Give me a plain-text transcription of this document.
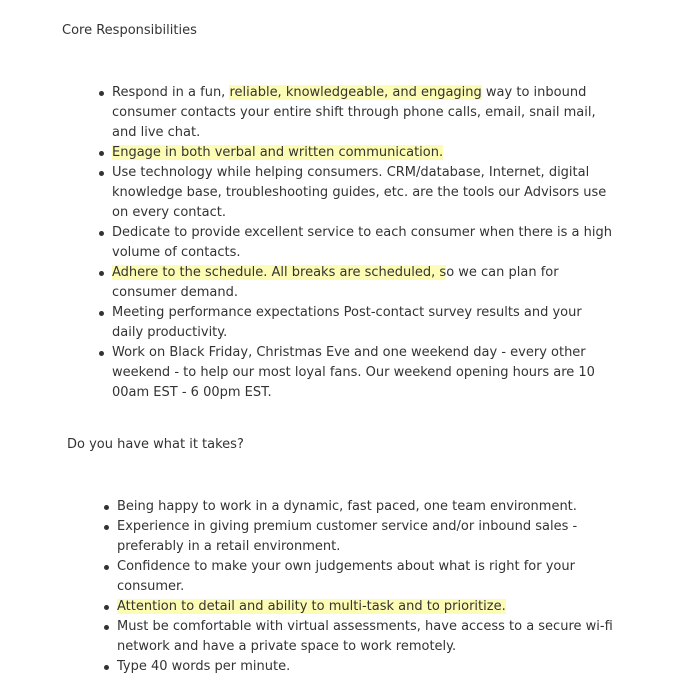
Core Responsibilities
Respond in a fun, reliable, knowledgeable, and engaging way to inbound consumer contacts your entire shift through phone calls, email, snail mail, and live chat.
Engage in both verbal and written communication.
Use technology while helping consumers. CRM/database, Internet, digital knowledge base, troubleshooting guides, etc. are the tools our Advisors use on every contact.
Dedicate to provide excellent service to each consumer when there is a high volume of contacts.
Adhere to the schedule. All breaks are scheduled, so we can plan for consumer demand.
Meeting performance expectations Post-contact survey results and your daily productivity.
Work on Black Friday, Christmas Eve and one weekend day - every other weekend - to help our most loyal fans. Our weekend opening hours are 10 00am EST - 6 00pm EST.
Do you have what it takes?
Being happy to work in a dynamic, fast paced, one team environment.
Experience in giving premium customer service and/or inbound sales - preferably in a retail environment.
Confidence to make your own judgements about what is right for your consumer.
Attention to detail and ability to multi-task and to prioritize.
Must be comfortable with virtual assessments, have access to a secure wi-fi network and have a private space to work remotely.
Type 40 words per minute.
